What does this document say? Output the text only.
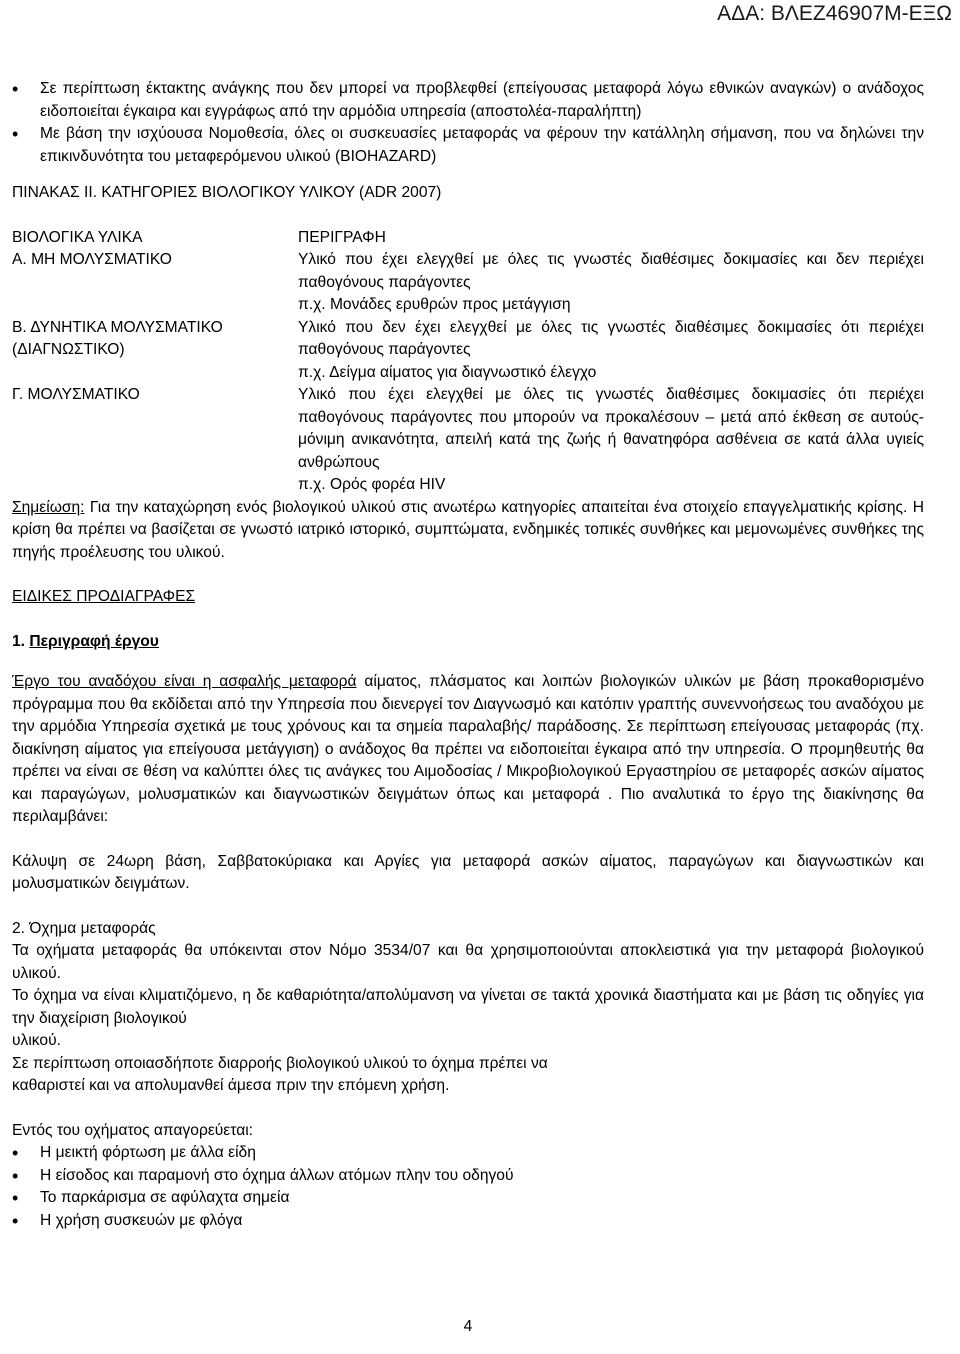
ΑΔΑ: ΒΛΕΖ46907Μ-ΕΞΩ
• Σε περίπτωση έκτακτης ανάγκης που δεν μπορεί να προβλεφθεί (επείγουσας μεταφορά λόγω εθνικών αναγκών) ο ανάδοχος ειδοποιείται έγκαιρα και εγγράφως από την αρμόδια υπηρεσία (αποστολέα-παραλήπτη)
• Με βάση την ισχύουσα Νομοθεσία, όλες οι συσκευασίες μεταφοράς να φέρουν την κατάλληλη σήμανση, που να δηλώνει την επικινδυνότητα του μεταφερόμενου υλικού (BIOHAZARD)

ΠΙΝΑΚΑΣ ΙΙ. ΚΑΤΗΓΟΡΙΕΣ ΒΙΟΛΟΓΙΚΟΥ ΥΛΙΚΟΥ (ADR 2007)

ΒΙΟΛΟΓΙΚΑ ΥΛΙΚΑ	ΠΕΡΙΓΡΑΦΗ
Α. ΜΗ ΜΟΛΥΣΜΑΤΙΚΟ	Υλικό που έχει ελεγχθεί με όλες τις γνωστές διαθέσιμες δοκιμασίες και δεν περιέχει παθογόνους παράγοντες
π.χ. Μονάδες ερυθρών προς μετάγγιση

Β. ΔΥΝΗΤΙΚΑ ΜΟΛΥΣΜΑΤΙΚΟ (ΔΙΑΓΝΩΣΤΙΚΟ)	Υλικό που δεν έχει ελεγχθεί με όλες τις γνωστές διαθέσιμες δοκιμασίες ότι περιέχει παθογόνους παράγοντες
π.χ. Δείγμα αίματος για διαγνωστικό έλεγχο

Γ. ΜΟΛΥΣΜΑΤΙΚΟ	Υλικό που έχει ελεγχθεί με όλες τις γνωστές διαθέσιμες δοκιμασίες ότι περιέχει παθογόνους παράγοντες που μπορούν να προκαλέσουν – μετά από έκθεση σε αυτούς- μόνιμη ανικανότητα, απειλή κατά της ζωής ή θανατηφόρα ασθένεια σε κατά άλλα υγιείς ανθρώπους
π.χ. Ορός φορέα HIV

Σημείωση: Για την καταχώρηση ενός βιολογικού υλικού στις ανωτέρω κατηγορίες απαιτείται ένα στοιχείο επαγγελματικής κρίσης. Η κρίση θα πρέπει να βασίζεται σε γνωστό ιατρικό ιστορικό, συμπτώματα, ενδημικές τοπικές συνθήκες και μεμονωμένες συνθήκες της πηγής προέλευσης του υλικού.

ΕΙΔΙΚΕΣ ΠΡΟΔΙΑΓΡΑΦΕΣ

1. Περιγραφή έργου

Έργο του αναδόχου είναι η ασφαλής μεταφορά αίματος, πλάσματος και λοιπών βιολογικών υλικών με βάση προκαθορισμένο πρόγραμμα που θα εκδίδεται από την Υπηρεσία που διενεργεί τον Διαγνωσμό και κατόπιν γραπτής συνεννοήσεως του αναδόχου με την αρμόδια Υπηρεσία σχετικά με τους χρόνους και τα σημεία παραλαβής/ παράδοσης. Σε περίπτωση επείγουσας μεταφοράς (πχ. διακίνηση αίματος για επείγουσα μετάγγιση) ο ανάδοχος θα πρέπει να ειδοποιείται έγκαιρα από την υπηρεσία. Ο προμηθευτής θα πρέπει να είναι σε θέση να καλύπτει όλες τις ανάγκες του Αιμοδοσίας / Μικροβιολογικού Εργαστηρίου σε μεταφορές ασκών αίματος και παραγώγων, μολυσματικών και διαγνωστικών δειγμάτων όπως και μεταφορά . Πιο αναλυτικά το έργο της διακίνησης θα περιλαμβάνει:

Κάλυψη σε 24ωρη βάση, Σαββατοκύριακα και Αργίες για μεταφορά ασκών αίματος, παραγώγων και διαγνωστικών και μολυσματικών δειγμάτων.

2. Όχημα μεταφοράς

Τα οχήματα μεταφοράς θα υπόκεινται στον Νόμο 3534/07 και θα χρησιμοποιούνται αποκλειστικά για την μεταφορά βιολογικού υλικού.

Το όχημα να είναι κλιματιζόμενο, η δε καθαριότητα/απολύμανση να γίνεται σε τακτά χρονικά διαστήματα και με βάση τις οδηγίες για την διαχείριση βιολογικού

υλικού.

Σε περίπτωση οποιασδήποτε διαρροής βιολογικού υλικού το όχημα πρέπει να

καθαριστεί και να απολυμανθεί άμεσα πριν την επόμενη χρήση.

Εντός του οχήματος απαγορεύεται:

• Η μεικτή φόρτωση με άλλα είδη
• Η είσοδος και παραμονή στο όχημα άλλων ατόμων πλην του οδηγού
• Το παρκάρισμα σε αφύλαχτα σημεία
• Η χρήση συσκευών με φλόγα
4
